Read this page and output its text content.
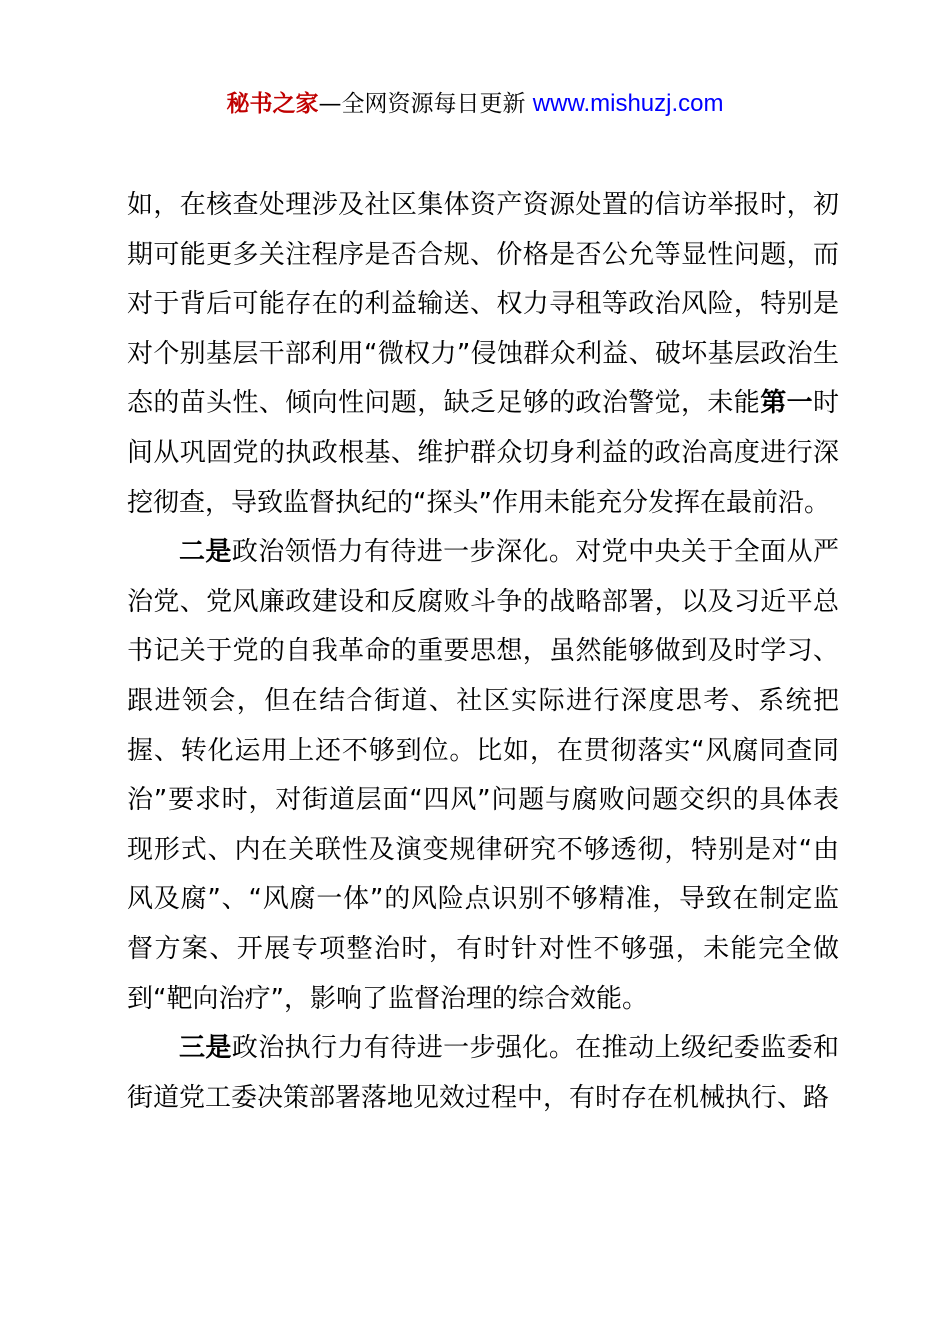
秘书之家—全网资源每日更新 www.mishuzj.com

如，在核查处理涉及社区集体资产资源处置的信访举报时，初期可能更多关注程序是否合规、价格是否公允等显性问题，而对于背后可能存在的利益输送、权力寻租等政治风险，特别是对个别基层干部利用“微权力”侵蚀群众利益、破坏基层政治生态的苗头性、倾向性问题，缺乏足够的政治警觉，未能第一时间从巩固党的执政根基、维护群众切身利益的政治高度进行深挖彻查，导致监督执纪的“探头”作用未能充分发挥在最前沿。

二是政治领悟力有待进一步深化。对党中央关于全面从严治党、党风廉政建设和反腐败斗争的战略部署，以及习近平总书记关于党的自我革命的重要思想，虽然能够做到及时学习、跟进领会，但在结合街道、社区实际进行深度思考、系统把握、转化运用上还不够到位。比如，在贯彻落实“风腐同查同治”要求时，对街道层面“四风”问题与腐败问题交织的具体表现形式、内在关联性及演变规律研究不够透彻，特别是对“由风及腐”、“风腐一体”的风险点识别不够精准，导致在制定监督方案、开展专项整治时，有时针对性不够强，未能完全做到“靶向治疗”，影响了监督治理的综合效能。

三是政治执行力有待进一步强化。在推动上级纪委监委和街道党工委决策部署落地见效过程中，有时存在机械执行、路
